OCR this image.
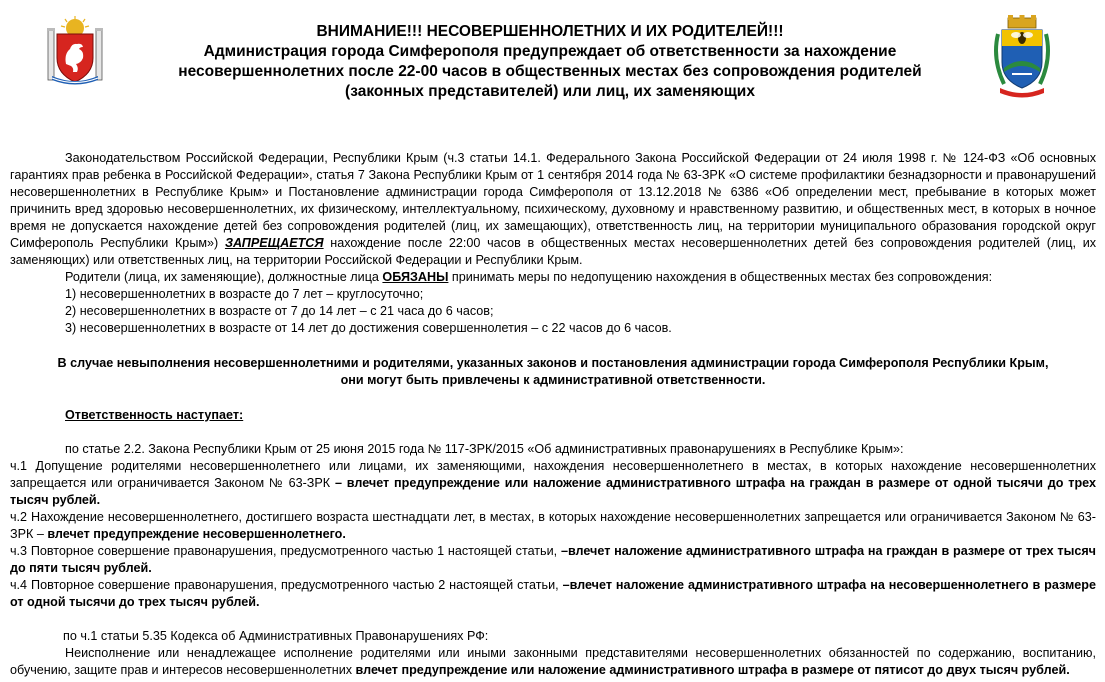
ВНИМАНИЕ!!! НЕСОВЕРШЕННОЛЕТНИХ И ИХ РОДИТЕЛЕЙ!!!
Администрация города Симферополя предупреждает об ответственности за нахождение
несовершеннолетних после 22-00 часов в общественных местах без сопровождения родителей
(законных представителей) или лиц, их заменяющих

Законодательством Российской Федерации, Республики Крым (ч.3 статьи 14.1. Федерального Закона Российской Федерации от 24 июля 1998 г. № 124-ФЗ «Об основных гарантиях прав ребенка в Российской Федерации», статья 7 Закона Республики Крым от 1 сентября 2014 года № 63-ЗРК «О системе профилактики безнадзорности и правонарушений несовершеннолетних в Республике Крым» и Постановление администрации города Симферополя от 13.12.2018 № 6386 «Об определении мест, пребывание в которых может причинить вред здоровью несовершеннолетних, их физическому, интеллектуальному, психическому, духовному и нравственному развитию, и общественных мест, в которых в ночное время не допускается нахождение детей без сопровождения родителей (лиц, их замещающих), ответственность лиц, на территории муниципального образования городской округ Симферополь Республики Крым») ЗАПРЕЩАЕТСЯ нахождение после 22:00 часов в общественных местах несовершеннолетних детей без сопровождения родителей (лиц, их заменяющих) или ответственных лиц, на территории Российской Федерации и Республики Крым.

Родители (лица, их заменяющие), должностные лица ОБЯЗАНЫ принимать меры по недопущению нахождения в общественных местах без сопровождения:

1) несовершеннолетних в возрасте до 7 лет – круглосуточно;

2) несовершеннолетних в возрасте от 7 до 14 лет – с 21 часа до 6 часов;

3) несовершеннолетних в возрасте от 14 лет до достижения совершеннолетия – с 22 часов до 6 часов.

В случае невыполнения несовершеннолетними и родителями, указанных законов и постановления администрации города Симферополя Республики Крым,

они могут быть привлечены к административной ответственности.

Ответственность наступает:

по статье 2.2. Закона Республики Крым от 25 июня 2015 года № 117-ЗРК/2015 «Об административных правонарушениях в Республике Крым»:

ч.1 Допущение родителями несовершеннолетнего или лицами, их заменяющими, нахождения несовершеннолетнего в местах, в которых нахождение несовершеннолетних запрещается или ограничивается Законом № 63-ЗРК – влечет предупреждение или наложение административного штрафа на граждан в размере от одной тысячи до трех тысяч рублей.

ч.2 Нахождение несовершеннолетнего, достигшего возраста шестнадцати лет, в местах, в которых нахождение несовершеннолетних запрещается или ограничивается Законом № 63-ЗРК – влечет предупреждение несовершеннолетнего.

ч.3 Повторное совершение правонарушения, предусмотренного частью 1 настоящей статьи, –влечет наложение административного штрафа на граждан в размере от трех тысяч до пяти тысяч рублей.

ч.4 Повторное совершение правонарушения, предусмотренного частью 2 настоящей статьи, –влечет наложение административного штрафа на несовершеннолетнего в размере от одной тысячи до трех тысяч рублей.

по ч.1 статьи 5.35 Кодекса об Административных Правонарушениях РФ:

Неисполнение или ненадлежащее исполнение родителями или иными законными представителями несовершеннолетних обязанностей по содержанию, воспитанию, обучению, защите прав и интересов несовершеннолетних влечет предупреждение или наложение административного штрафа в размере от пятисот до двух тысяч рублей.
